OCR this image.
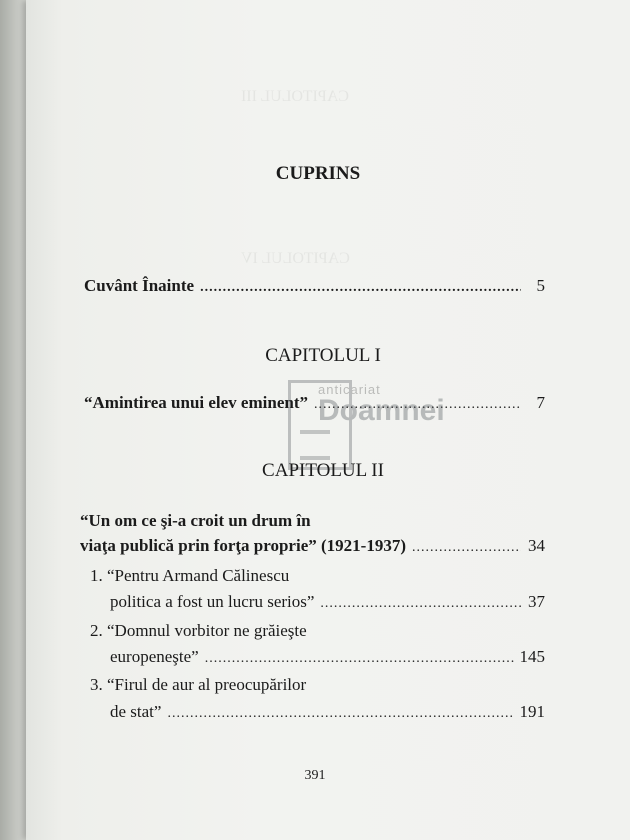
CAPITOLUL III
CAPITOLUL IV
CUPRINS
Cuvânt Înainte .....	5
CAPITOLUL I
“Amintirea unui elev eminent” .....	7
anticariat
Doamnei
CAPITOLUL II
“Un om ce şi-a croit un drum în
viaţa publică prin forţa proprie” (1921-1937) .....	34
1. “Pentru Armand Călinescu
politica a fost un lucru serios” .....	37
2. “Domnul vorbitor ne grăieşte
europeneşte” .....	145
3. “Firul de aur al preocupărilor
de stat” .....	191
391
